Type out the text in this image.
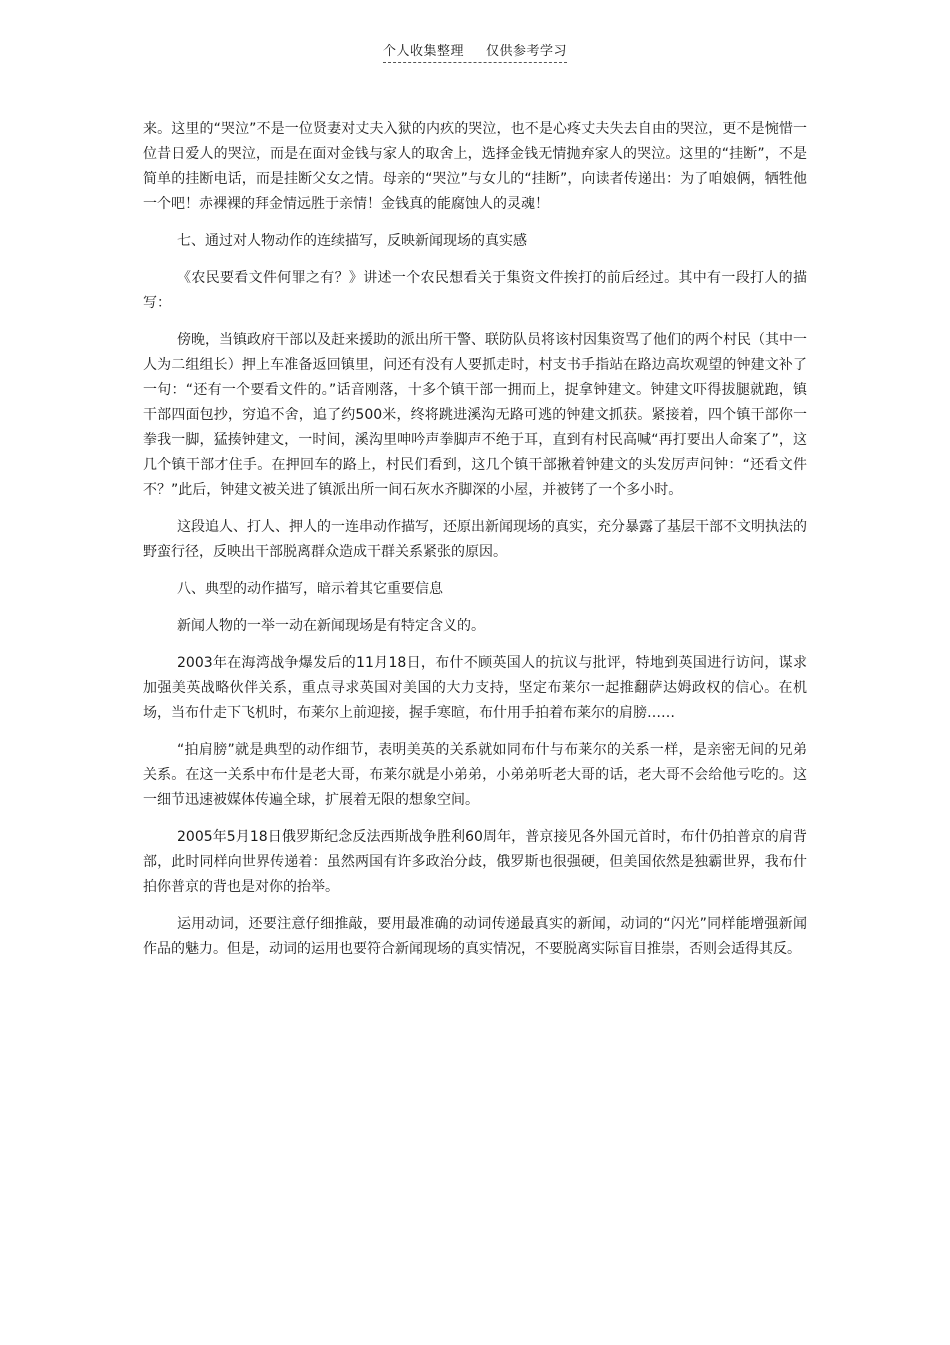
个人收集整理 仅供参考学习

来。这里的“哭泣”不是一位贤妻对丈夫入狱的内疚的哭泣，也不是心疼丈夫失去自由的哭泣，更不是惋惜一位昔日爱人的哭泣，而是在面对金钱与家人的取舍上，选择金钱无情抛弃家人的哭泣。这里的“挂断”，不是简单的挂断电话，而是挂断父女之情。母亲的“哭泣”与女儿的“挂断”，向读者传递出：为了咱娘俩，牺牲他一个吧！赤裸裸的拜金情远胜于亲情！金钱真的能腐蚀人的灵魂！

七、通过对人物动作的连续描写，反映新闻现场的真实感

《农民要看文件何罪之有？》讲述一个农民想看关于集资文件挨打的前后经过。其中有一段打人的描写：

傍晚，当镇政府干部以及赶来援助的派出所干警、联防队员将该村因集资骂了他们的两个村民（其中一人为二组组长）押上车准备返回镇里，问还有没有人要抓走时，村支书手指站在路边高坎观望的钟建文补了一句：“还有一个要看文件的。”话音刚落，十多个镇干部一拥而上，捉拿钟建文。钟建文吓得拔腿就跑，镇干部四面包抄，穷追不舍，追了约500米，终将跳进溪沟无路可逃的钟建文抓获。紧接着，四个镇干部你一拳我一脚，猛揍钟建文，一时间，溪沟里呻吟声拳脚声不绝于耳，直到有村民高喊“再打要出人命案了”，这几个镇干部才住手。在押回车的路上，村民们看到，这几个镇干部揪着钟建文的头发厉声问钟：“还看文件不？”此后，钟建文被关进了镇派出所一间石灰水齐脚深的小屋，并被铐了一个多小时。

这段追人、打人、押人的一连串动作描写，还原出新闻现场的真实，充分暴露了基层干部不文明执法的野蛮行径，反映出干部脱离群众造成干群关系紧张的原因。

八、典型的动作描写，暗示着其它重要信息

新闻人物的一举一动在新闻现场是有特定含义的。

2003年在海湾战争爆发后的11月18日，布什不顾英国人的抗议与批评，特地到英国进行访问，谋求加强美英战略伙伴关系，重点寻求英国对美国的大力支持，坚定布莱尔一起推翻萨达姆政权的信心。在机场，当布什走下飞机时，布莱尔上前迎接，握手寒暄，布什用手拍着布莱尔的肩膀……

“拍肩膀”就是典型的动作细节，表明美英的关系就如同布什与布莱尔的关系一样，是亲密无间的兄弟关系。在这一关系中布什是老大哥，布莱尔就是小弟弟，小弟弟听老大哥的话，老大哥不会给他亏吃的。这一细节迅速被媒体传遍全球，扩展着无限的想象空间。

2005年5月18日俄罗斯纪念反法西斯战争胜利60周年，普京接见各外国元首时，布什仍拍普京的肩背部，此时同样向世界传递着：虽然两国有许多政治分歧，俄罗斯也很强硬，但美国依然是独霸世界，我布什拍你普京的背也是对你的抬举。

运用动词，还要注意仔细推敲，要用最准确的动词传递最真实的新闻，动词的“闪光”同样能增强新闻作品的魅力。但是，动词的运用也要符合新闻现场的真实情况，不要脱离实际盲目推崇，否则会适得其反。
